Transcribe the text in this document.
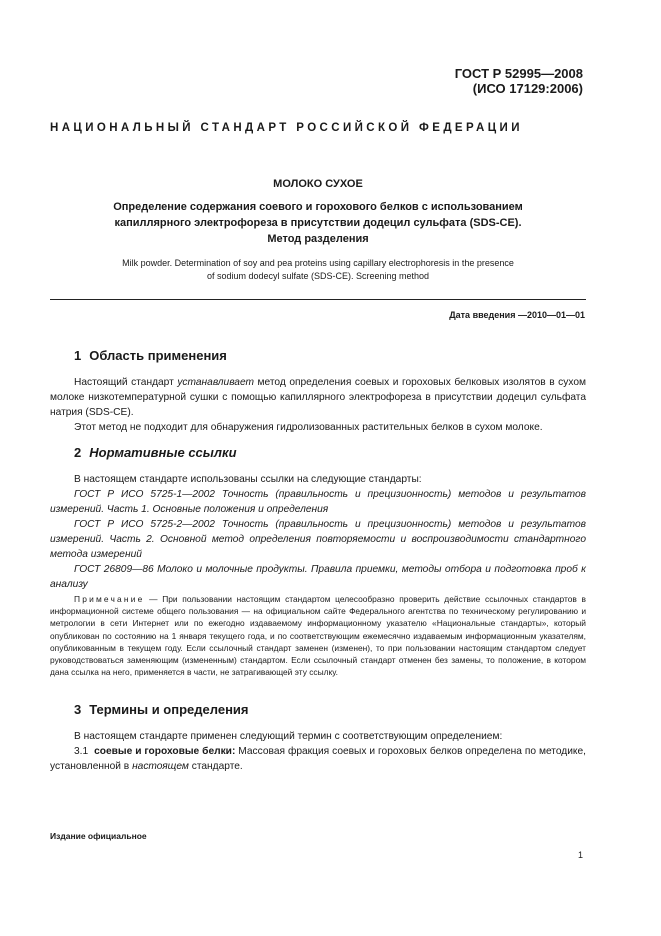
ГОСТ Р 52995—2008
(ИСО 17129:2006)
НАЦИОНАЛЬНЫЙ СТАНДАРТ РОССИЙСКОЙ ФЕДЕРАЦИИ
МОЛОКО СУХОЕ
Определение содержания соевого и горохового белков с использованием
капиллярного электрофореза в присутствии додецил сульфата (SDS-CE).
Метод разделения
Milk powder. Determination of soy and pea proteins using capillary electrophoresis in the presence
of sodium dodecyl sulfate (SDS-CE). Screening method
Дата введения —2010—01—01
1 Область применения

Настоящий стандарт устанавливает метод определения соевых и гороховых белковых изолятов в сухом молоке низкотемпературной сушки с помощью капиллярного электрофореза в присутствии додецил сульфата натрия (SDS-CE).

Этот метод не подходит для обнаружения гидролизованных растительных белков в сухом молоке.

2 Нормативные ссылки

В настоящем стандарте использованы ссылки на следующие стандарты:

ГОСТ Р ИСО 5725-1—2002 Точность (правильность и прецизионность) методов и результатов измерений. Часть 1. Основные положения и определения

ГОСТ Р ИСО 5725-2—2002 Точность (правильность и прецизионность) методов и результатов измерений. Часть 2. Основной метод определения повторяемости и воспроизводимости стандартного метода измерений

ГОСТ 26809—86 Молоко и молочные продукты. Правила приемки, методы отбора и подготовка проб к анализу

Примечание — При пользовании настоящим стандартом целесообразно проверить действие ссылочных стандартов в информационной системе общего пользования — на официальном сайте Федерального агентства по техническому регулированию и метрологии в сети Интернет или по ежегодно издаваемому информационному указателю «Национальные стандарты», который опубликован по состоянию на 1 января текущего года, и по соответствующим ежемесячно издаваемым информационным указателям, опубликованным в текущем году. Если ссылочный стандарт заменен (изменен), то при пользовании настоящим стандартом следует руководствоваться заменяющим (измененным) стандартом. Если ссылочный стандарт отменен без замены, то положение, в котором дана ссылка на него, применяется в части, не затрагивающей эту ссылку.
3 Термины и определения

В настоящем стандарте применен следующий термин с соответствующим определением:

3.1 соевые и гороховые белки: Массовая фракция соевых и гороховых белков определена по методике, установленной в настоящем стандарте.

Издание официальное
1
